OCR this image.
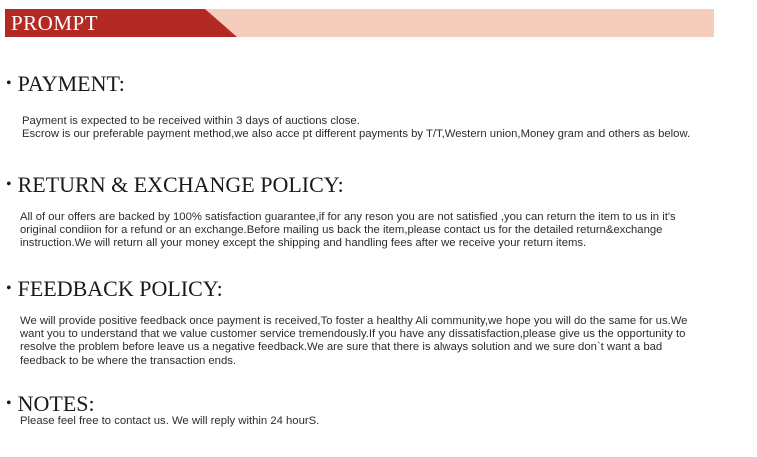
PROMPT
• PAYMENT:

Payment is expected to be received within 3 days of auctions close.

Escrow is our preferable payment method,we also acce pt different payments by T/T,Western union,Money gram and others as below.

• RETURN & EXCHANGE POLICY:

All of our offers are backed by 100% satisfaction guarantee,if for any reson you are not satisfied ,you can return the item to us in it's original condiion for a refund or an exchange.Before mailing us back the item,please contact us for the detailed return&exchange instruction.We will return all your money except the shipping and handling fees after we receive your return items.

• FEEDBACK POLICY:

We will provide positive feedback once payment is received,To foster a healthy Ali community,we hope you will do the same for us.We want you to understand that we value customer service tremendously.If you have any dissatisfaction,please give us the opportunity to resolve the problem before leave us a negative feedback.We are sure that there is always solution and we sure don`t want a bad feedback to be where the transaction ends.

• NOTES:

Please feel free to contact us. We will reply within 24 hourS.
